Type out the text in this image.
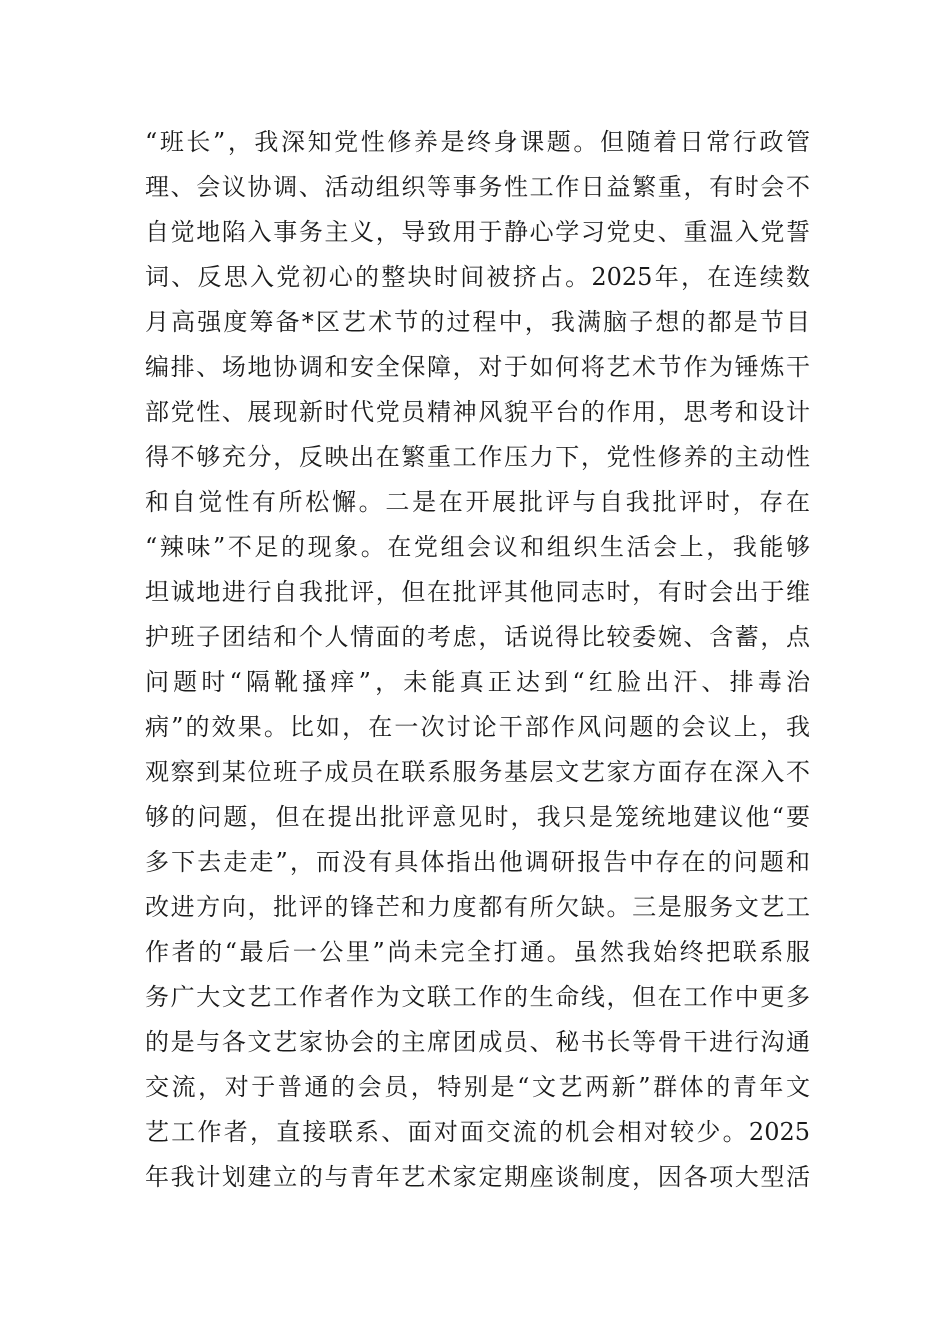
“班长”，我深知党性修养是终身课题。但随着日常行政管
理、会议协调、活动组织等事务性工作日益繁重，有时会不
自觉地陷入事务主义，导致用于静心学习党史、重温入党誓
词、反思入党初心的整块时间被挤占。2025年，在连续数
月高强度筹备*区艺术节的过程中，我满脑子想的都是节目
编排、场地协调和安全保障，对于如何将艺术节作为锤炼干
部党性、展现新时代党员精神风貌平台的作用，思考和设计
得不够充分，反映出在繁重工作压力下，党性修养的主动性
和自觉性有所松懈。二是在开展批评与自我批评时，存在
“辣味”不足的现象。在党组会议和组织生活会上，我能够
坦诚地进行自我批评，但在批评其他同志时，有时会出于维
护班子团结和个人情面的考虑，话说得比较委婉、含蓄，点
问题时“隔靴搔痒”，未能真正达到“红脸出汗、排毒治
病”的效果。比如，在一次讨论干部作风问题的会议上，我
观察到某位班子成员在联系服务基层文艺家方面存在深入不
够的问题，但在提出批评意见时，我只是笼统地建议他“要
多下去走走”，而没有具体指出他调研报告中存在的问题和
改进方向，批评的锋芒和力度都有所欠缺。三是服务文艺工
作者的“最后一公里”尚未完全打通。虽然我始终把联系服
务广大文艺工作者作为文联工作的生命线，但在工作中更多
的是与各文艺家协会的主席团成员、秘书长等骨干进行沟通
交流，对于普通的会员，特别是“文艺两新”群体的青年文
艺工作者，直接联系、面对面交流的机会相对较少。2025
年我计划建立的与青年艺术家定期座谈制度，因各项大型活
